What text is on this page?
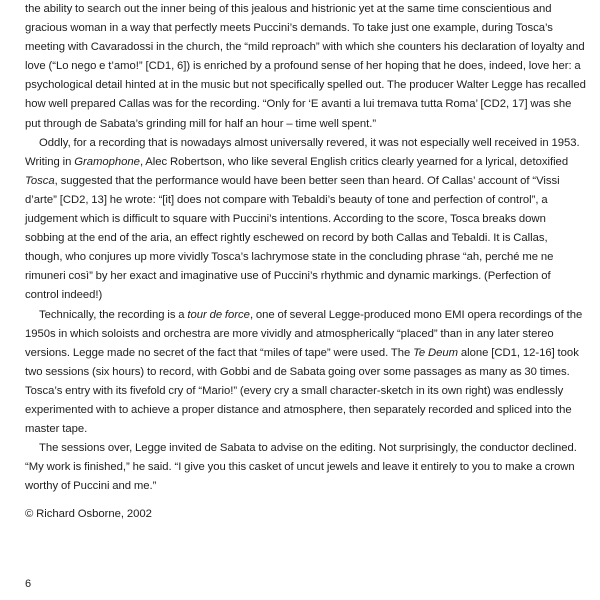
the ability to search out the inner being of this jealous and histrionic yet at the same time conscientious and gracious woman in a way that perfectly meets Puccini’s demands. To take just one example, during Tosca’s meeting with Cavaradossi in the church, the “mild reproach” with which she counters his declaration of loyalty and love (“Lo nego e t’amo!” [CD1, 6]) is enriched by a profound sense of her hoping that he does, indeed, love her: a psychological detail hinted at in the music but not specifically spelled out. The producer Walter Legge has recalled how well prepared Callas was for the recording. “Only for ‘E avanti a lui tremava tutta Roma’ [CD2, 17] was she put through de Sabata’s grinding mill for half an hour – time well spent.”

Oddly, for a recording that is nowadays almost universally revered, it was not especially well received in 1953. Writing in Gramophone, Alec Robertson, who like several English critics clearly yearned for a lyrical, detoxified Tosca, suggested that the performance would have been better seen than heard. Of Callas’ account of “Vissi d’arte” [CD2, 13] he wrote: “[it] does not compare with Tebaldi’s beauty of tone and perfection of control”, a judgement which is difficult to square with Puccini’s intentions. According to the score, Tosca breaks down sobbing at the end of the aria, an effect rightly eschewed on record by both Callas and Tebaldi. It is Callas, though, who conjures up more vividly Tosca’s lachrymose state in the concluding phrase “ah, perché me ne rimuneri così” by her exact and imaginative use of Puccini’s rhythmic and dynamic markings. (Perfection of control indeed!)

Technically, the recording is a tour de force, one of several Legge-produced mono EMI opera recordings of the 1950s in which soloists and orchestra are more vividly and atmospherically “placed” than in any later stereo versions. Legge made no secret of the fact that “miles of tape” were used. The Te Deum alone [CD1, 12-16] took two sessions (six hours) to record, with Gobbi and de Sabata going over some passages as many as 30 times. Tosca’s entry with its fivefold cry of “Mario!” (every cry a small character-sketch in its own right) was endlessly experimented with to achieve a proper distance and atmosphere, then separately recorded and spliced into the master tape.

The sessions over, Legge invited de Sabata to advise on the editing. Not surprisingly, the conductor declined. “My work is finished,” he said. “I give you this casket of uncut jewels and leave it entirely to you to make a crown worthy of Puccini and me.”

© Richard Osborne, 2002

6
